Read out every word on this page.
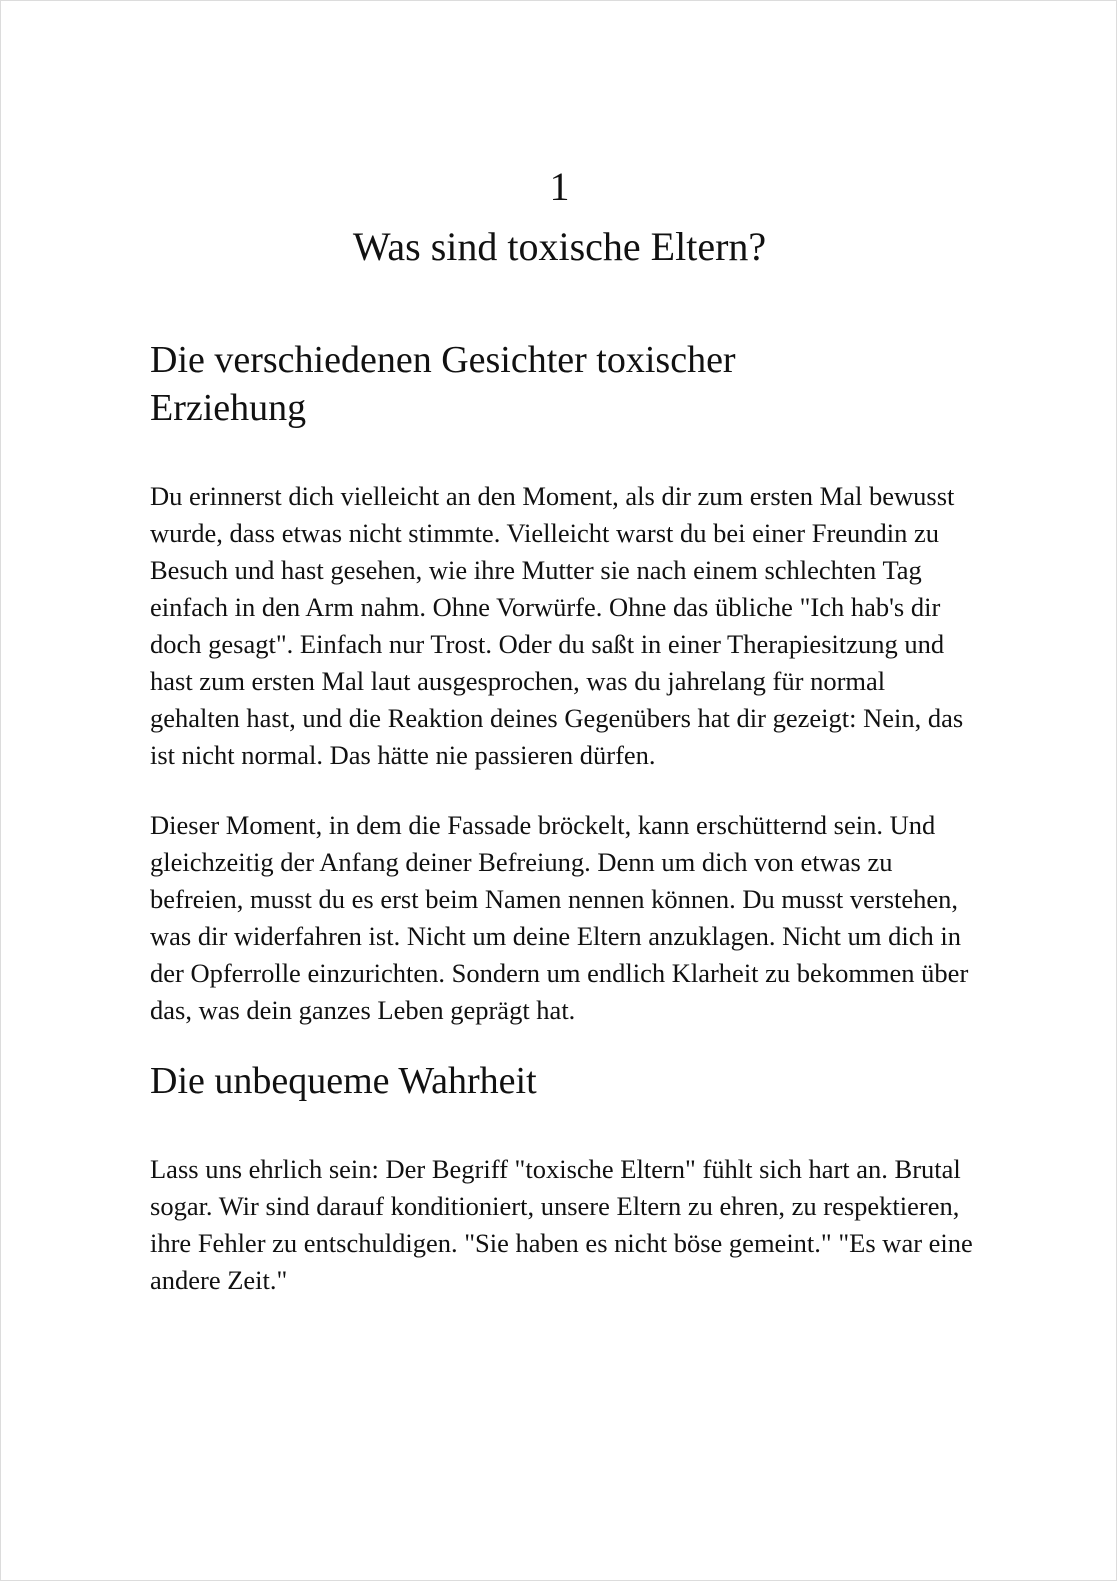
1
Was sind toxische Eltern?
Die verschiedenen Gesichter toxischer Erziehung

Du erinnerst dich vielleicht an den Moment, als dir zum ersten Mal bewusst wurde, dass etwas nicht stimmte. Vielleicht warst du bei einer Freundin zu Besuch und hast gesehen, wie ihre Mutter sie nach einem schlechten Tag einfach in den Arm nahm. Ohne Vorwürfe. Ohne das übliche "Ich hab's dir doch gesagt". Einfach nur Trost. Oder du saßt in einer Therapiesitzung und hast zum ersten Mal laut ausgesprochen, was du jahrelang für normal gehalten hast, und die Reaktion deines Gegenübers hat dir gezeigt: Nein, das ist nicht normal. Das hätte nie passieren dürfen.

Dieser Moment, in dem die Fassade bröckelt, kann erschütternd sein. Und gleichzeitig der Anfang deiner Befreiung. Denn um dich von etwas zu befreien, musst du es erst beim Namen nennen können. Du musst verstehen, was dir widerfahren ist. Nicht um deine Eltern anzuklagen. Nicht um dich in der Opferrolle einzurichten. Sondern um endlich Klarheit zu bekommen über das, was dein ganzes Leben geprägt hat.

Die unbequeme Wahrheit

Lass uns ehrlich sein: Der Begriff "toxische Eltern" fühlt sich hart an. Brutal sogar. Wir sind darauf konditioniert, unsere Eltern zu ehren, zu respektieren, ihre Fehler zu entschuldigen. "Sie haben es nicht böse gemeint." "Es war eine andere Zeit."
